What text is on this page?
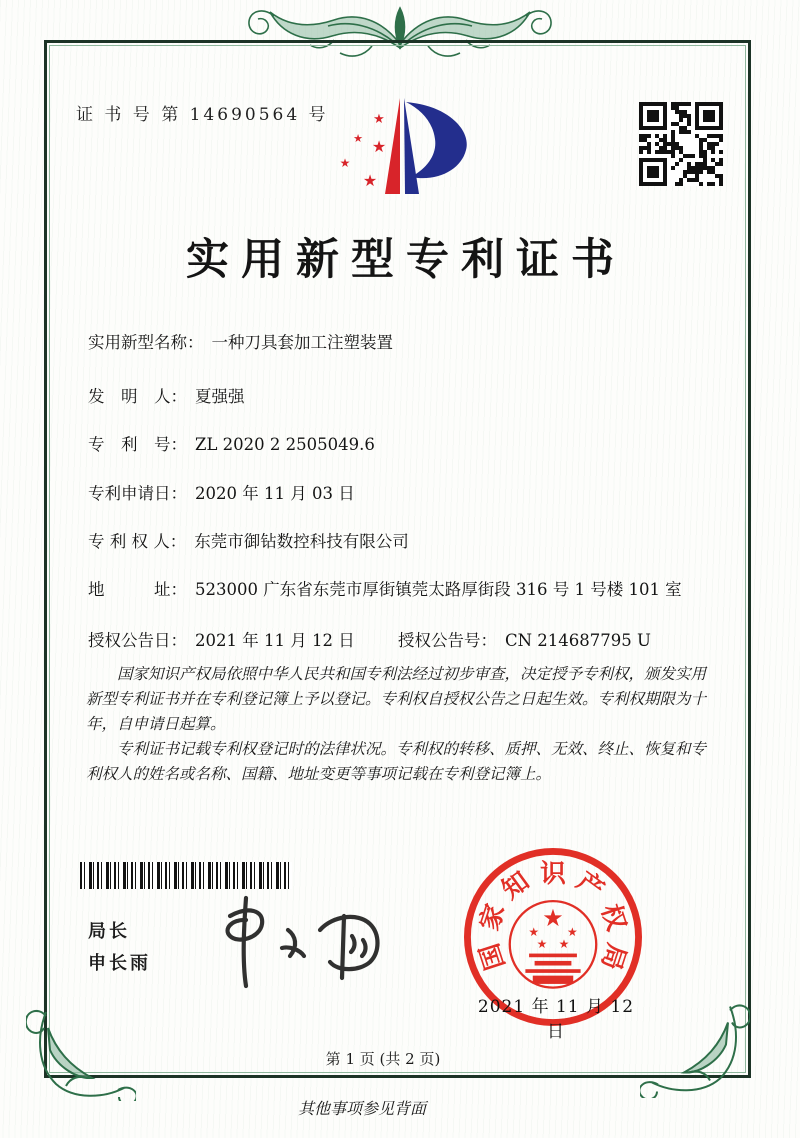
证 书 号 第 14690564 号	★
★ ★
★
★
实用新型专利证书
实用新型名称： 一种刀具套加工注塑装置
发　明　人： 夏强强
专　利　号： ZL 2020 2 2505049.6
专利申请日： 2020 年 11 月 03 日
专 利 权 人： 东莞市御钻数控科技有限公司
地　　　址： 523000 广东省东莞市厚街镇莞太路厚街段 316 号 1 号楼 101 室
授权公告日： 2021 年 11 月 12 日	授权公告号： CN 214687795 U

国家知识产权局依照中华人民共和国专利法经过初步审查，决定授予专利权，颁发实用新型专利证书并在专利登记簿上予以登记。专利权自授权公告之日起生效。专利权期限为十年，自申请日起算。

专利证书记载专利权登记时的法律状况。专利权的转移、质押、无效、终止、恢复和专利权人的姓名或名称、国籍、地址变更等事项记载在专利登记簿上。

局长
申长雨	国
家
知 识 产
权
局
★
★ ★
★ ★
2021 年 11 月 12 日
第 1 页 (共 2 页)
其他事项参见背面
